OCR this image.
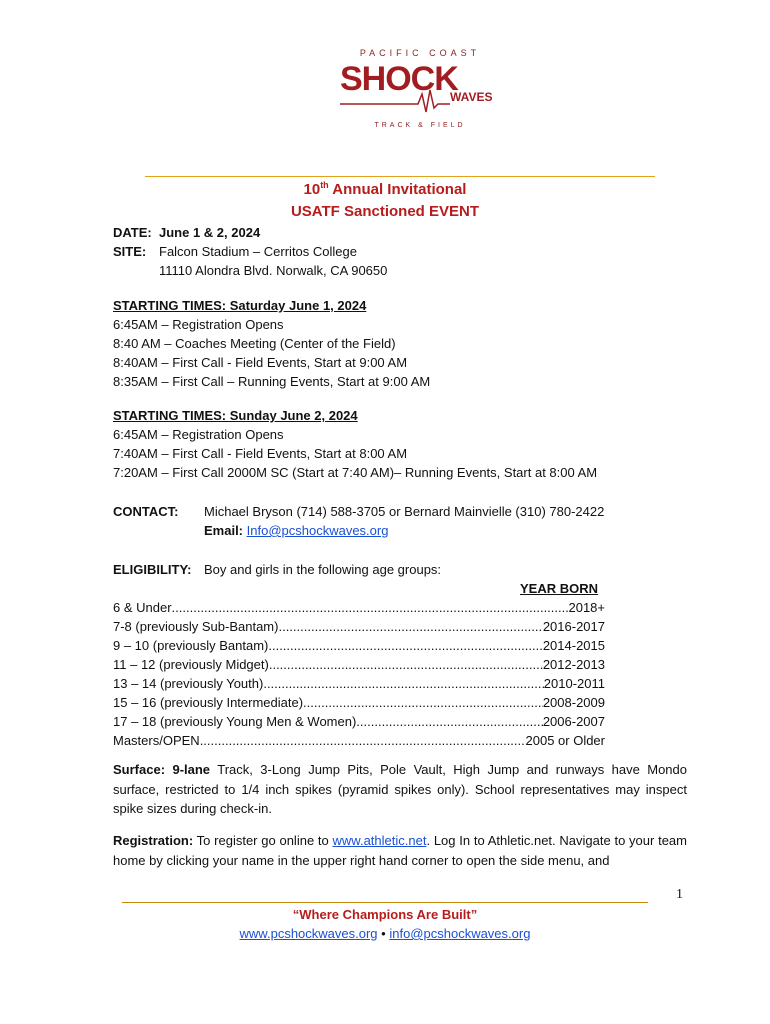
PACIFIC COAST
SHOCK
WAVES
TRACK & FIELD
10th Annual Invitational
USATF Sanctioned EVENT
DATE: June 1 & 2, 2024
SITE: Falcon Stadium – Cerritos College
11110 Alondra Blvd. Norwalk, CA 90650
STARTING TIMES: Saturday June 1, 2024
6:45AM – Registration Opens
8:40 AM – Coaches Meeting (Center of the Field)
8:40AM – First Call - Field Events, Start at 9:00 AM
8:35AM – First Call – Running Events, Start at 9:00 AM
STARTING TIMES: Sunday June 2, 2024
6:45AM – Registration Opens
7:40AM – First Call - Field Events, Start at 8:00 AM
7:20AM – First Call 2000M SC (Start at 7:40 AM)– Running Events, Start at 8:00 AM
CONTACT: Michael Bryson (714) 588-3705 or Bernard Mainvielle (310) 780-2422
Email: Info@pcshockwaves.org
ELIGIBILITY: Boy and girls in the following age groups:
YEAR BORN
6 & Under .....	2018+
7-8 (previously Sub-Bantam) .....	2016-2017
9 – 10 (previously Bantam) .....	2014-2015
11 – 12 (previously Midget) .....	2012-2013
13 – 14 (previously Youth) .....	2010-2011
15 – 16 (previously Intermediate) .....	2008-2009
17 – 18 (previously Young Men & Women) .....	2006-2007
Masters/OPEN .....	2005 or Older
Surface: 9-lane Track, 3-Long Jump Pits, Pole Vault, High Jump and runways have Mondo surface, restricted to 1/4 inch spikes (pyramid spikes only). School representatives may inspect spike sizes during check-in.
Registration: To register go online to www.athletic.net. Log In to Athletic.net. Navigate to your team home by clicking your name in the upper right hand corner to open the side menu, and
1
“Where Champions Are Built”
www.pcshockwaves.org • info@pcshockwaves.org
